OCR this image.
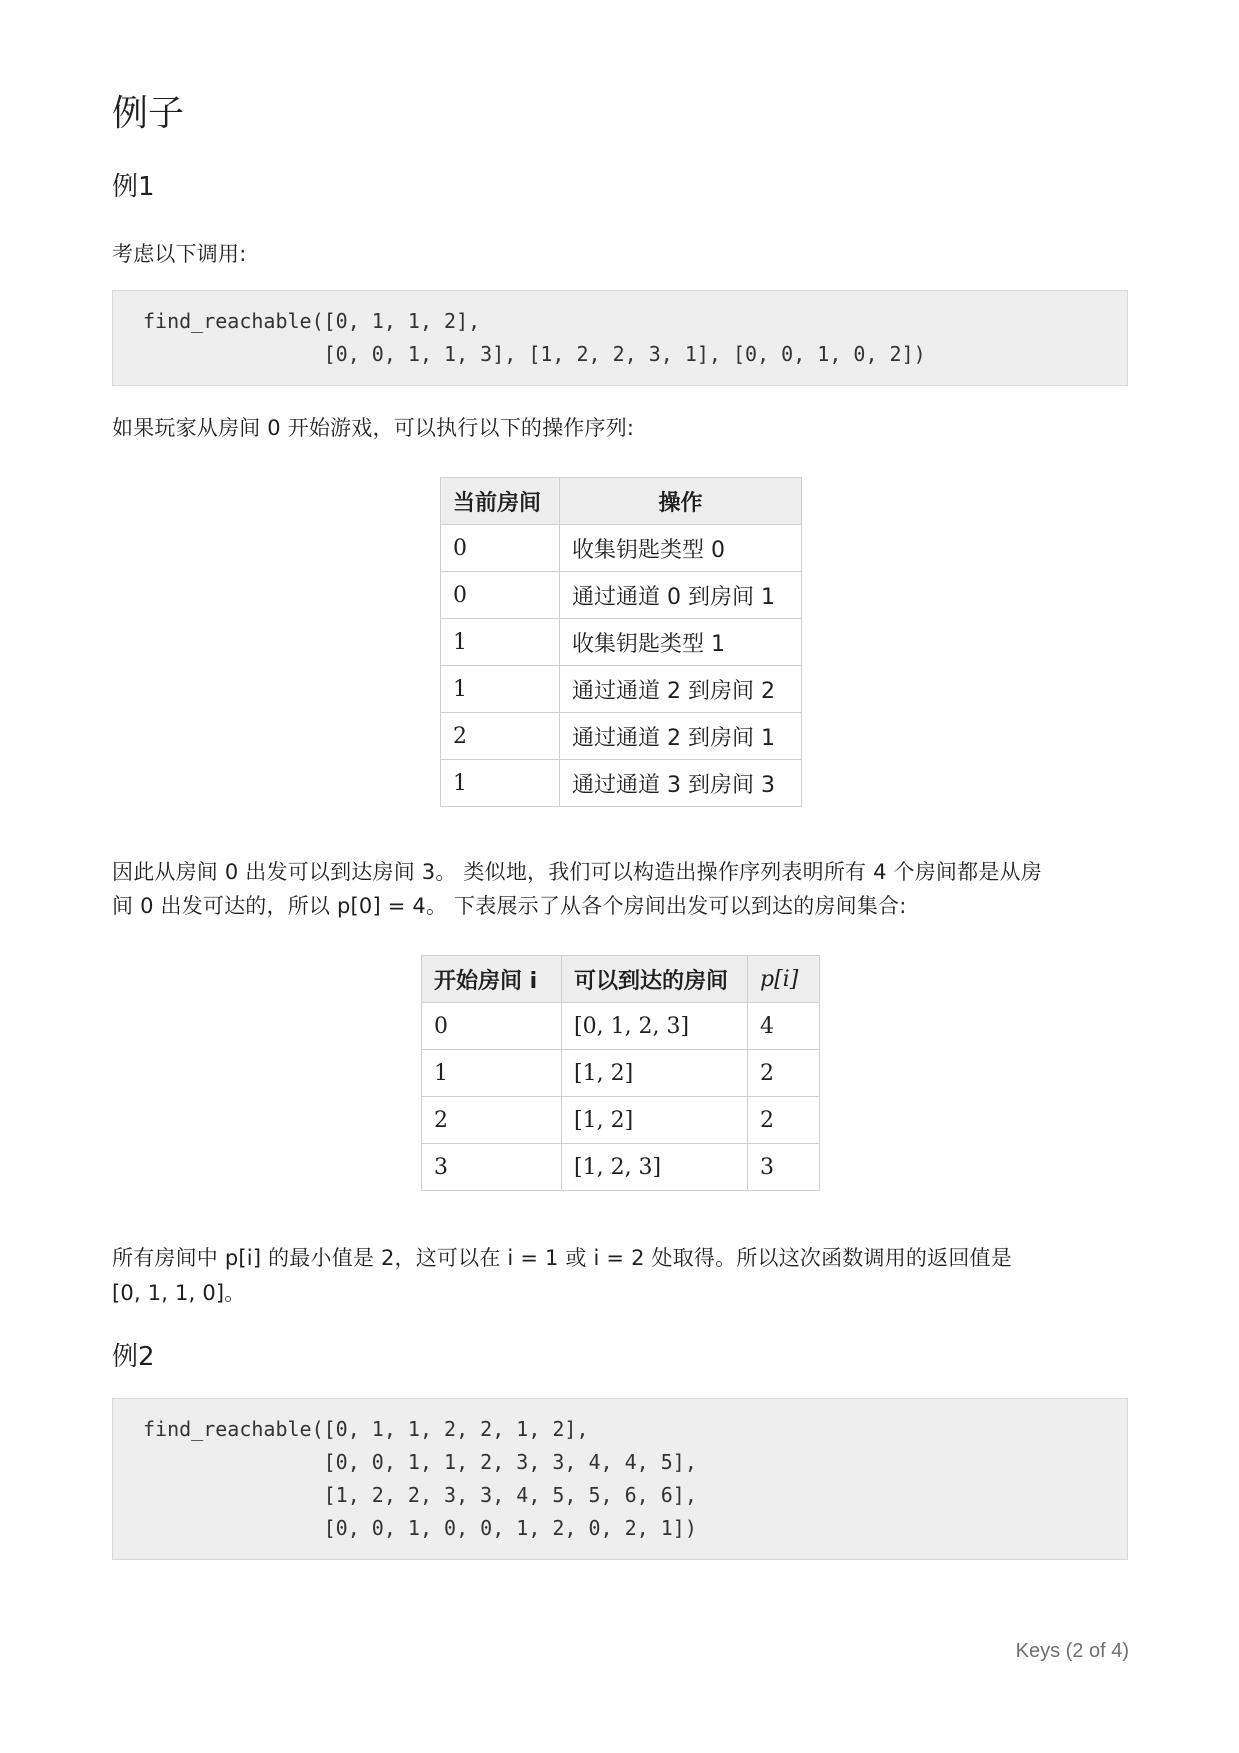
例子
例1

考虑以下调用:

find_reachable([0, 1, 1, 2],
[0, 0, 1, 1, 3], [1, 2, 2, 3, 1], [0, 0, 1, 0, 2])

如果玩家从房间 0 开始游戏，可以执行以下的操作序列:

当前房间	操作
0	收集钥匙类型 0
0	通过通道 0 到房间 1
1	收集钥匙类型 1
1	通过通道 2 到房间 2
2	通过通道 2 到房间 1
1	通过通道 3 到房间 3

因此从房间 0 出发可以到达房间 3。 类似地，我们可以构造出操作序列表明所有 4 个房间都是从房

间 0 出发可达的，所以 p[0] = 4。 下表展示了从各个房间出发可以到达的房间集合:

开始房间 i	可以到达的房间	p[i]
0	[0, 1, 2, 3]	4
1	[1, 2]	2
2	[1, 2]	2
3	[1, 2, 3]	3

所有房间中 p[i] 的最小值是 2，这可以在 i = 1 或 i = 2 处取得。所以这次函数调用的返回值是

[0, 1, 1, 0]。

例2
find_reachable([0, 1, 1, 2, 2, 1, 2],
[0, 0, 1, 1, 2, 3, 3, 4, 4, 5],
[1, 2, 2, 3, 3, 4, 5, 5, 6, 6],
[0, 0, 1, 0, 0, 1, 2, 0, 2, 1])
Keys (2 of 4)
